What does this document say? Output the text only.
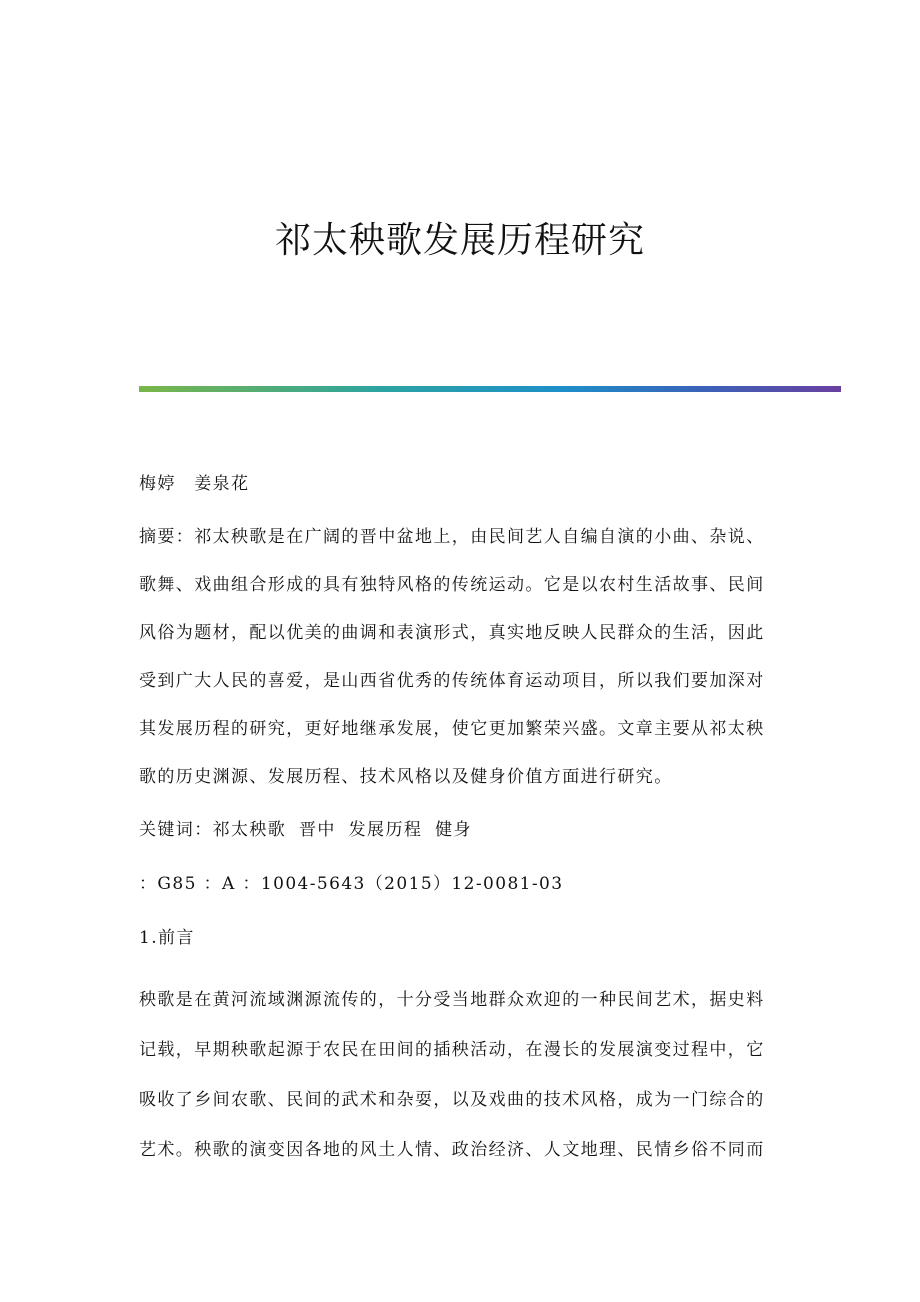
祁太秧歌发展历程研究
梅婷　姜泉花
摘要：祁太秧歌是在广阔的晋中盆地上，由民间艺人自编自演的小曲、杂说、歌舞、戏曲组合形成的具有独特风格的传统运动。它是以农村生活故事、民间风俗为题材，配以优美的曲调和表演形式，真实地反映人民群众的生活，因此受到广大人民的喜爱，是山西省优秀的传统体育运动项目，所以我们要加深对其发展历程的研究，更好地继承发展，使它更加繁荣兴盛。文章主要从祁太秧歌的历史渊源、发展历程、技术风格以及健身价值方面进行研究。
关键词：祁太秧歌 晋中 发展历程 健身
：G85 ：A ：1004-5643（2015）12-0081-03
1.前言
秧歌是在黄河流域渊源流传的，十分受当地群众欢迎的一种民间艺术，据史料记载，早期秧歌起源于农民在田间的插秧活动，在漫长的发展演变过程中，它吸收了乡间农歌、民间的武术和杂耍，以及戏曲的技术风格，成为一门综合的艺术。秧歌的演变因各地的风土人情、政治经济、人文地理、民情乡俗不同而
